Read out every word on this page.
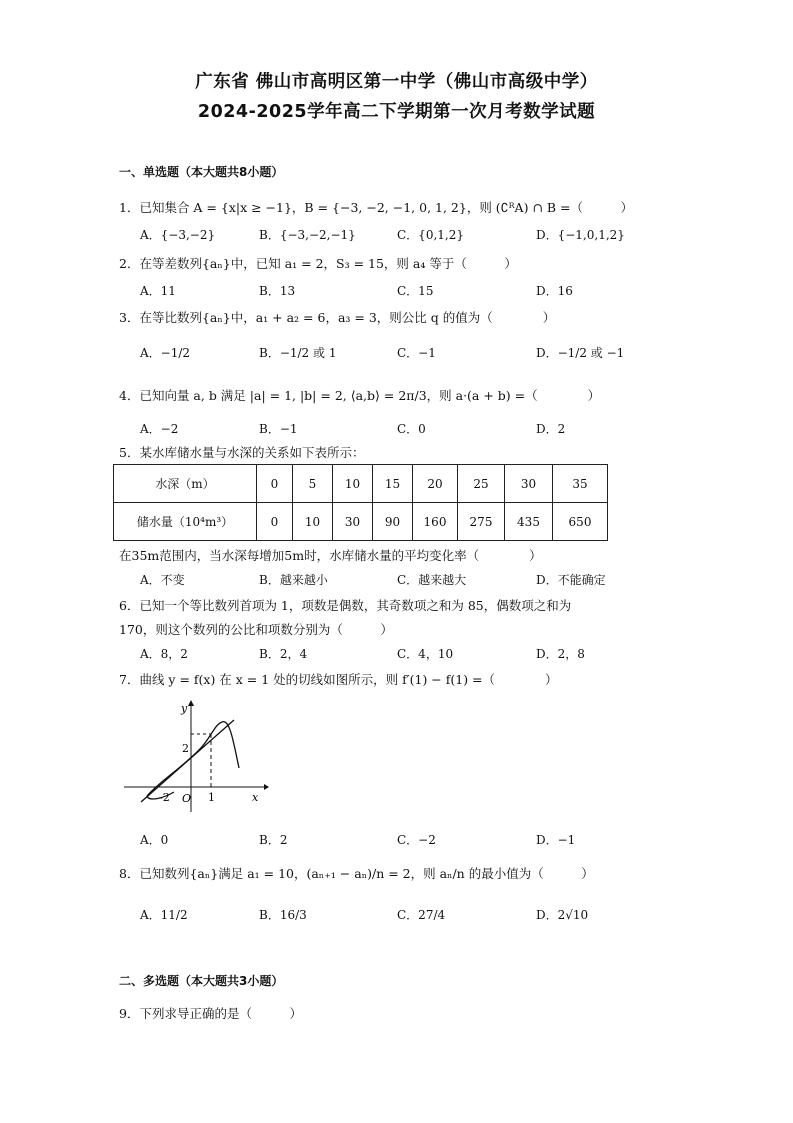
广东省 佛山市高明区第一中学（佛山市高级中学）
2024-2025学年高二下学期第一次月考数学试题
一、单选题（本大题共8小题）
1．已知集合 A = {x|x ≥ −1}，B = {−3, −2, −1, 0, 1, 2}，则 (∁ᴿA) ∩ B =（　　　）
A．{−3,−2}	B．{−3,−2,−1}	C．{0,1,2}	D．{−1,0,1,2}
2．在等差数列{aₙ}中，已知 a₁ = 2，S₃ = 15，则 a₄ 等于（　　　）
A．11	B．13	C．15	D．16
3．在等比数列{aₙ}中，a₁ + a₂ = 6，a₃ = 3，则公比 q 的值为（　　　　）
A．−1/2	B．−1/2 或 1	C．−1	D．−1/2 或 −1
4．已知向量 a, b 满足 |a| = 1, |b| = 2, ⟨a,b⟩ = 2π/3，则 a·(a + b) =（　　　　）
A．−2	B．−1	C．0	D．2
5．某水库储水量与水深的关系如下表所示：
水深（m）	0	5	10	15	20	25	30	35
储水量（10⁴m³）	0	10	30	90	160	275	435	650
在35m范围内，当水深每增加5m时，水库储水量的平均变化率（　　　　）
A．不变	B．越来越小	C．越来越大	D．不能确定
6．已知一个等比数列首项为 1，项数是偶数，其奇数项之和为 85，偶数项之和为
170，则这个数列的公比和项数分别为（　　　）
A．8，2	B．2，4	C．4，10	D．2，8
7．曲线 y = f(x) 在 x = 1 处的切线如图所示，则 f′(1) − f(1) =（　　　　）
y
x
2
-2 O 1
A．0	B．2	C．−2	D．−1
8．已知数列{aₙ}满足 a₁ = 10，(aₙ₊₁ − aₙ)/n = 2，则 aₙ/n 的最小值为（　　　）
A．11/2	B．16/3	C．27/4	D．2√10
二、多选题（本大题共3小题）
9．下列求导正确的是（　　　）
